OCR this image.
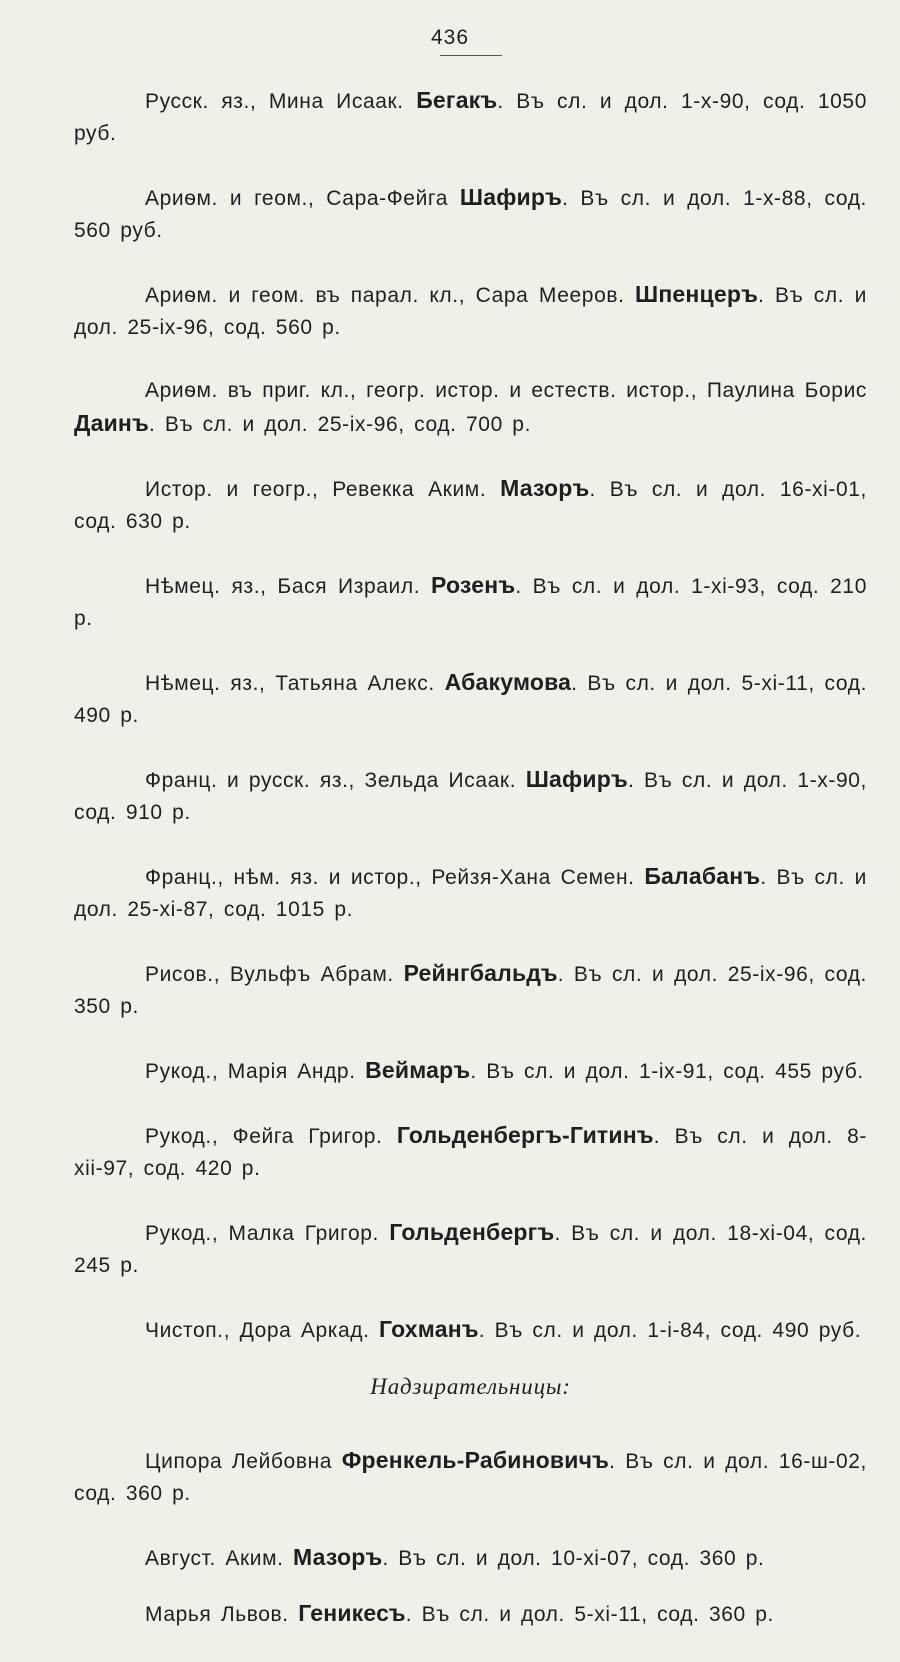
436

Русск. яз., Мина Исаак. Бегакъ. Въ сл. и дол. 1-х-90, сод. 1050 руб.

Ариѳм. и геом., Сара-Фейга Шафиръ. Въ сл. и дол. 1-х-88, сод. 560 руб.

Ариѳм. и геом. въ парал. кл., Сара Мееров. Шпенцеръ. Въ сл. и дол. 25-іх-96, сод. 560 р.

Ариѳм. въ приг. кл., геогр. истор. и естеств. истор., Паулина Борис Даинъ. Въ сл. и дол. 25-іх-96, сод. 700 р.

Истор. и геогр., Ревекка Аким. Мазоръ. Въ сл. и дол. 16-хі-01, сод. 630 р.

Нѣмец. яз., Бася Израил. Розенъ. Въ сл. и дол. 1-хі-93, сод. 210 р.

Нѣмец. яз., Татьяна Алекс. Абакумова. Въ сл. и дол. 5-хі-11, сод. 490 р.

Франц. и русск. яз., Зельда Исаак. Шафиръ. Въ сл. и дол. 1-х-90, сод. 910 р.

Франц., нѣм. яз. и истор., Рейзя-Хана Семен. Балабанъ. Въ сл. и дол. 25-хі-87, сод. 1015 р.

Рисов., Вульфъ Абрам. Рейнгбальдъ. Въ сл. и дол. 25-іх-96, сод. 350 р.

Рукод., Марія Андр. Веймаръ. Въ сл. и дол. 1-іх-91, сод. 455 руб.

Рукод., Фейга Григор. Гольденбергъ-Гитинъ. Въ сл. и дол. 8-хіі-97, сод. 420 р.

Рукод., Малка Григор. Гольденбергъ. Въ сл. и дол. 18-хі-04, сод. 245 р.

Чистоп., Дора Аркад. Гохманъ. Въ сл. и дол. 1-і-84, сод. 490 руб.

Надзирательницы:

Ципора Лейбовна Френкель-Рабиновичъ. Въ сл. и дол. 16-ш-02, сод. 360 р.

Август. Аким. Мазоръ. Въ сл. и дол. 10-хі-07, сод. 360 р.

Марья Львов. Геникесъ. Въ сл. и дол. 5-хі-11, сод. 360 р.
